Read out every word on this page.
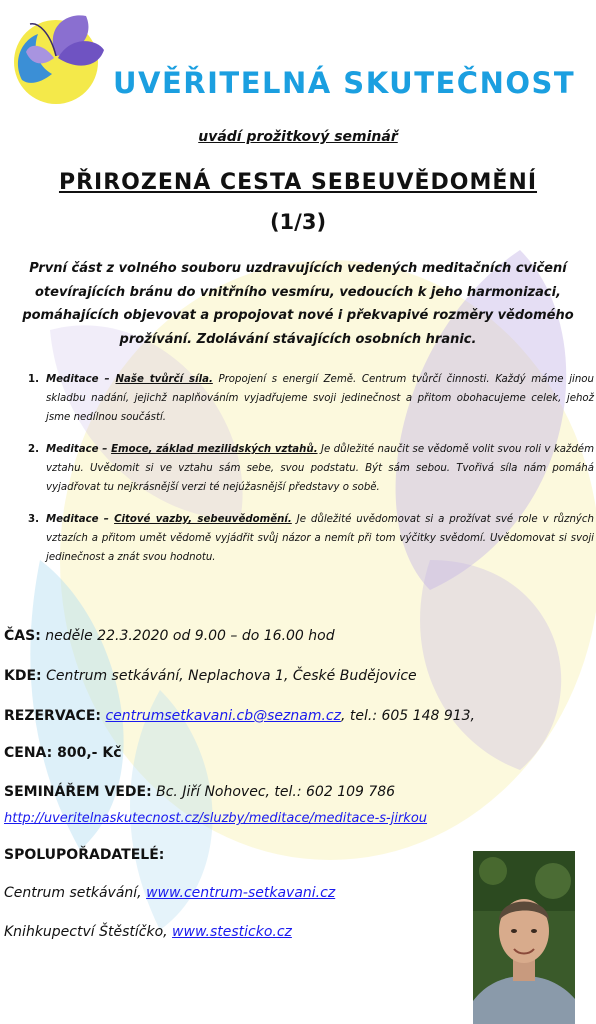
UVĚŘITELNÁ SKUTEČNOST
uvádí prožitkový seminář
PŘIROZENÁ CESTA SEBEUVĚDOMĚNÍ
(1/3)
První část z volného souboru uzdravujících vedených meditačních cvičení otevírajících bránu do vnitřního vesmíru, vedoucích k jeho harmonizaci, pomáhajících objevovat a propojovat nové i překvapivé rozměry vědomého prožívání. Zdolávání stávajících osobních hranic.
1. Meditace – Naše tvůrčí síla. Propojení s energií Země. Centrum tvůrčí činnosti. Každý máme jinou skladbu nadání, jejichž naplňováním vyjadřujeme svoji jedinečnost a přitom obohacujeme celek, jehož jsme nedílnou součástí.
2. Meditace – Emoce, základ mezilidských vztahů. Je důležité naučit se vědomě volit svou roli v každém vztahu. Uvědomit si ve vztahu sám sebe, svou podstatu. Být sám sebou. Tvořivá síla nám pomáhá vyjadřovat tu nejkrásnější verzi té nejúžasnější představy o sobě.
3. Meditace – Citové vazby, sebeuvědomění. Je důležité uvědomovat si a prožívat své role v různých vztazích a přitom umět vědomě vyjádřit svůj názor a nemít při tom výčitky svědomí. Uvědomovat si svoji jedinečnost a znát svou hodnotu.
ČAS: neděle 22.3.2020 od 9.00 – do 16.00 hod
KDE: Centrum setkávání, Neplachova 1, České Budějovice
REZERVACE: centrumsetkavani.cb@seznam.cz, tel.: 605 148 913,
CENA: 800,- Kč
SEMINÁŘEM VEDE: Bc. Jiří Nohovec, tel.: 602 109 786
http://uveritelnaskutecnost.cz/sluzby/meditace/meditace-s-jirkou
SPOLUPOŘADATELÉ:
Centrum setkávání, www.centrum-setkavani.cz
Knihkupectví Štěstíčko, www.stesticko.cz
